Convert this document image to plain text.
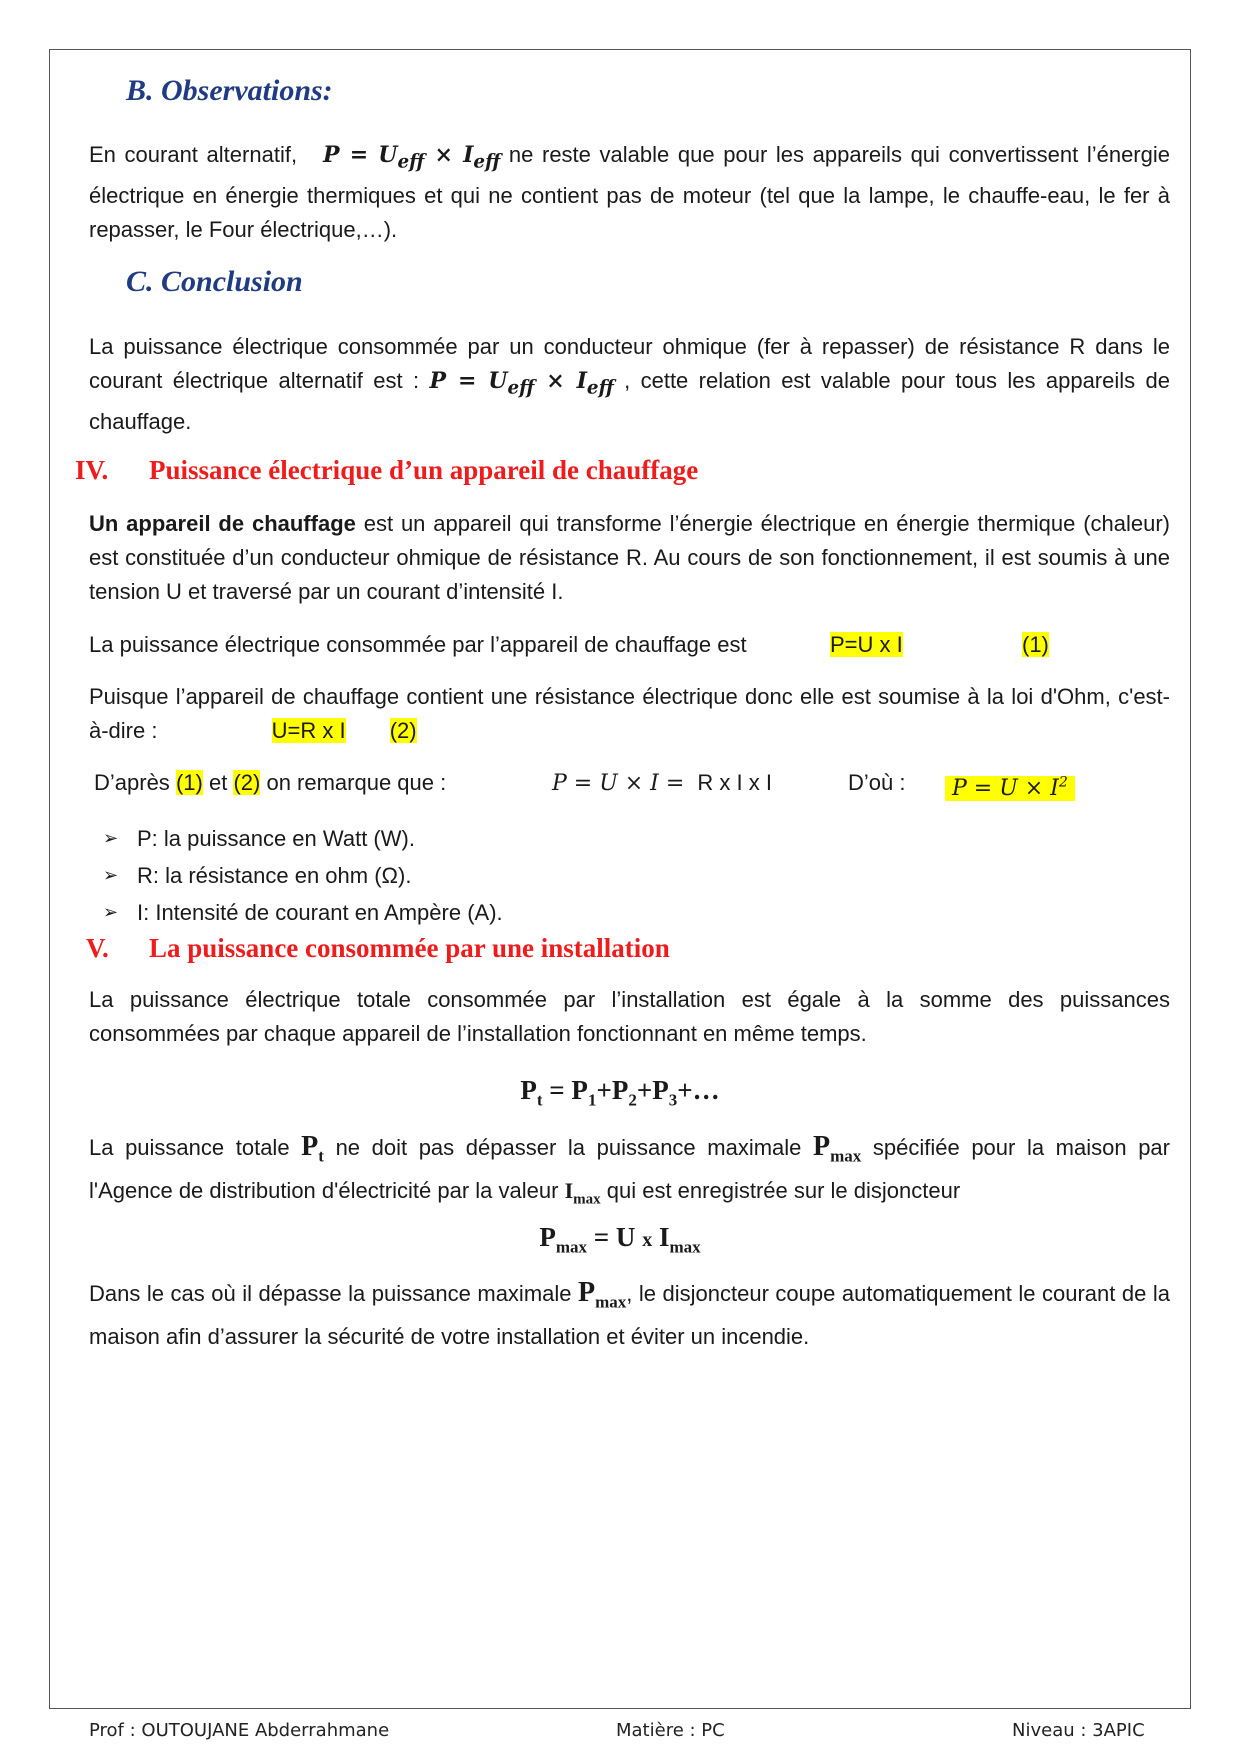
B. Observations:
En courant alternatif, $P = U_{eff} \times I_{eff}$ ne reste valable que pour les appareils qui convertissent l’énergie électrique en énergie thermiques et qui ne contient pas de moteur (tel que la lampe, le chauffe-eau, le fer à repasser, le Four électrique,…).
C. Conclusion
La puissance électrique consommée par un conducteur ohmique (fer à repasser) de résistance R dans le courant électrique alternatif est : $P = U_{eff} \times I_{eff}$ , cette relation est valable pour tous les appareils de chauffage.
IV. Puissance électrique d’un appareil de chauffage
Un appareil de chauffage est un appareil qui transforme l’énergie électrique en énergie thermique (chaleur) est constituée d’un conducteur ohmique de résistance R. Au cours de son fonctionnement, il est soumis à une tension U et traversé par un courant d’intensité I.
La puissance électrique consommée par l’appareil de chauffage est	P=U x I	(1)
Puisque l’appareil de chauffage contient une résistance électrique donc elle est soumise à la loi d'Ohm, c'est-à-dire :	U=R x I (2)
D’après (1) et (2) on remarque que :	P = U × I =  R x I x I	D’où : $P = U \times I^2$
➢ P: la puissance en Watt (W).
➢ R: la résistance en ohm (Ω).
➢ I: Intensité de courant en Ampère (A).
V. La puissance consommée par une installation
La puissance électrique totale consommée par l’installation est égale à la somme des puissances consommées par chaque appareil de l’installation fonctionnant en même temps.
$P_t$ = $P_1+P_2+P_3+\dots$
La puissance totale $P_t$ ne doit pas dépasser la puissance maximale $P_{max}$ spécifiée pour la maison par l'Agence de distribution d'électricité par la valeur $I_{max}$ qui est enregistrée sur le disjoncteur
$P_{max} = U$ x $I_{max}$
Dans le cas où il dépasse la puissance maximale $P_{max}$, le disjoncteur coupe automatiquement le courant de la maison afin d’assurer la sécurité de votre installation et éviter un incendie.
Prof : OUTOUJANE Abderrahmane	Matière : PC	Niveau : 3APIC
